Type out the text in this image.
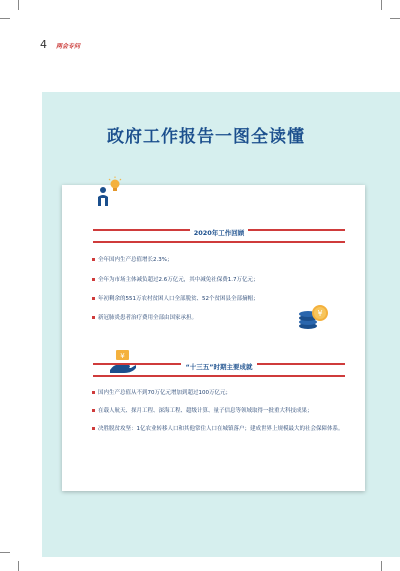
4 两会专问
政府工作报告一图全读懂
2020年工作回顾
全年国内生产总值增长2.3%；
全年为市场主体减负超过2.6万亿元，其中减免社保费1.7万亿元；
年初剩余的551万农村贫困人口全部脱贫、52个贫困县全部摘帽；
新冠肺炎患者治疗费用全部由国家承担。	¥
¥
“十三五”时期主要成就
国内生产总值从不到70万亿元增加到超过100万亿元；
在载人航天、探月工程、深海工程、超级计算、量子信息等领域取得一批重大科技成果；
决胜脱贫攻坚：1亿农业转移人口和其他常住人口在城镇落户；建成世界上规模最大的社会保障体系。
